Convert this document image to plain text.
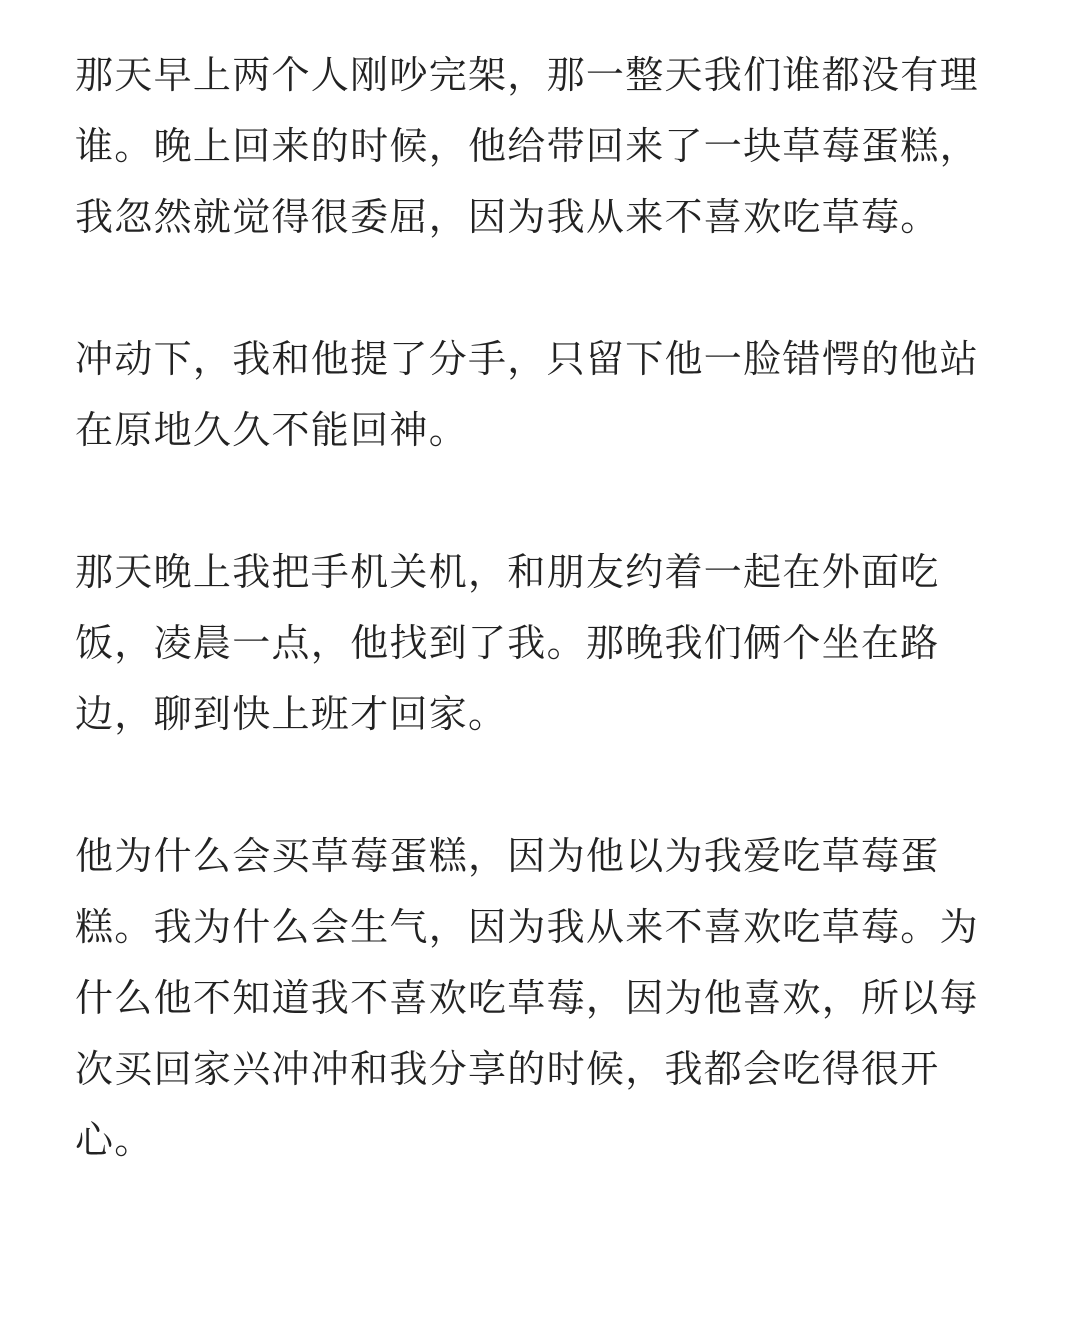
那天早上两个人刚吵完架，那一整天我们谁都没有理谁。晚上回来的时候，他给带回来了一块草莓蛋糕，我忽然就觉得很委屈，因为我从来不喜欢吃草莓。

冲动下，我和他提了分手，只留下他一脸错愕的他站在原地久久不能回神。

那天晚上我把手机关机，和朋友约着一起在外面吃饭，凌晨一点，他找到了我。那晚我们俩个坐在路边，聊到快上班才回家。

他为什么会买草莓蛋糕，因为他以为我爱吃草莓蛋糕。我为什么会生气，因为我从来不喜欢吃草莓。为什么他不知道我不喜欢吃草莓，因为他喜欢，所以每次买回家兴冲冲和我分享的时候，我都会吃得很开心。
